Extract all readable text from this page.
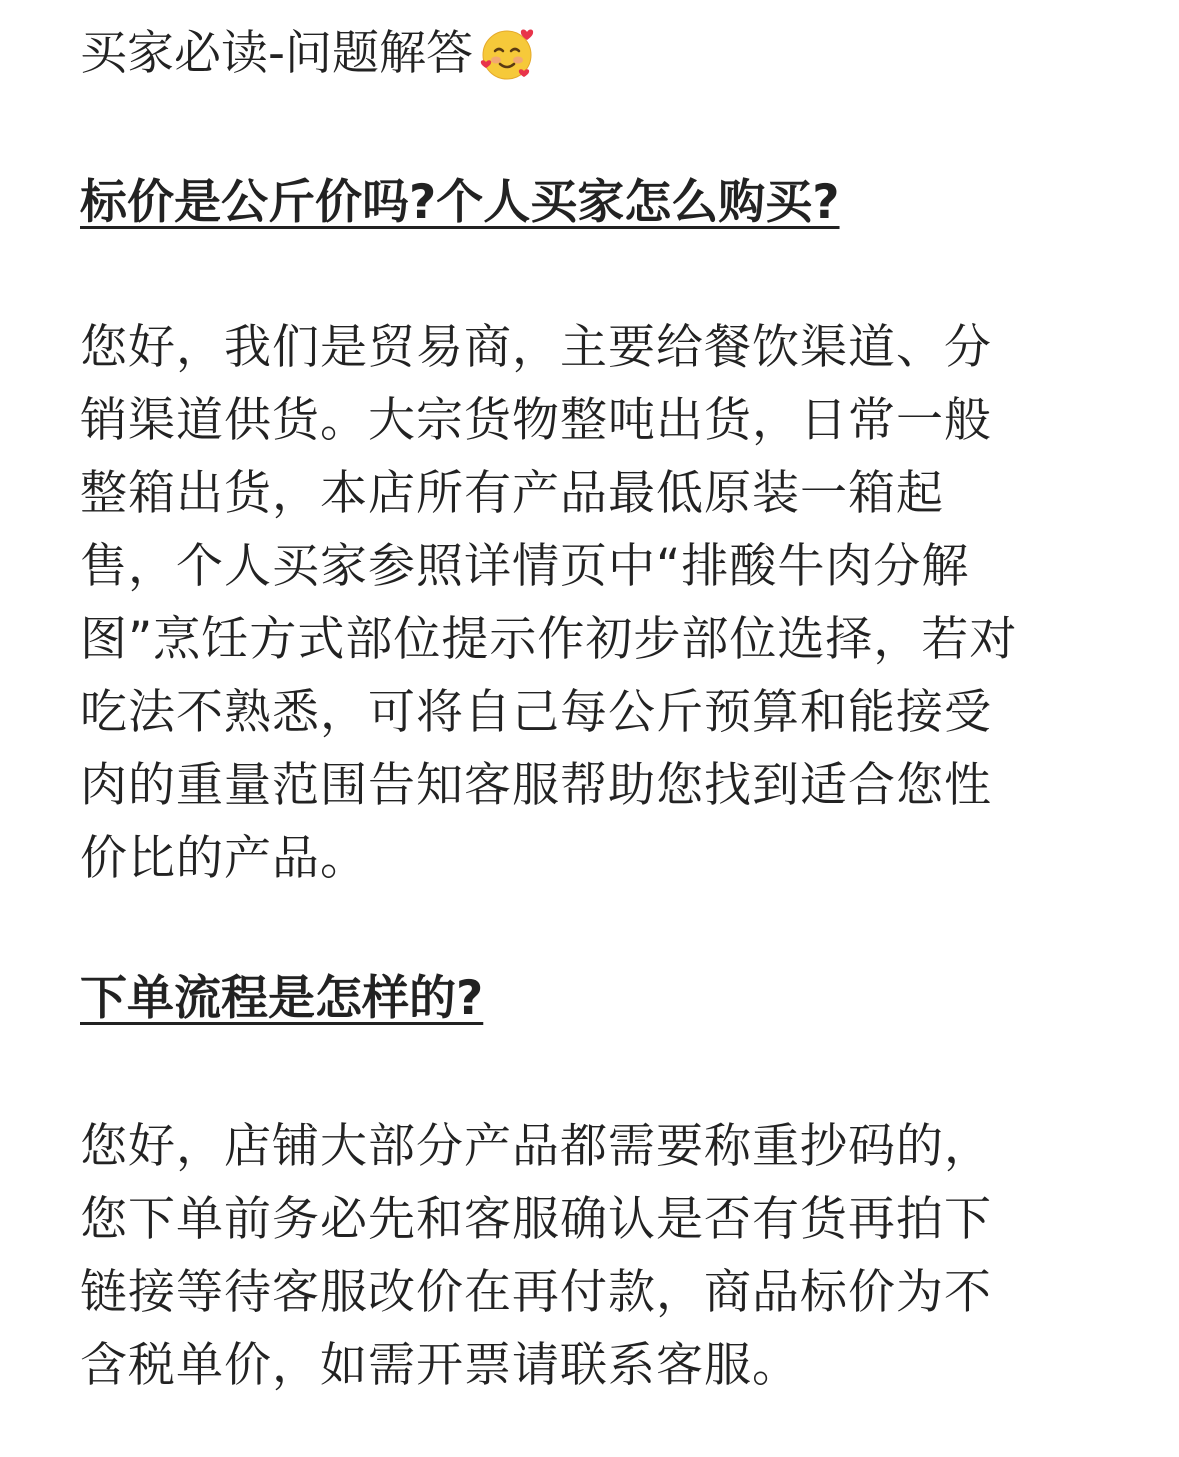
买家必读-问题解答
标价是公斤价吗?个人买家怎么购买?
您好，我们是贸易商，主要给餐饮渠道、分
销渠道供货。大宗货物整吨出货，日常一般
整箱出货，本店所有产品最低原装一箱起
售，个人买家参照详情页中“排酸牛肉分解
图”烹饪方式部位提示作初步部位选择，若对
吃法不熟悉，可将自己每公斤预算和能接受
肉的重量范围告知客服帮助您找到适合您性
价比的产品。
下单流程是怎样的?
您好，店铺大部分产品都需要称重抄码的，
您下单前务必先和客服确认是否有货再拍下
链接等待客服改价在再付款，商品标价为不
含税单价，如需开票请联系客服。
